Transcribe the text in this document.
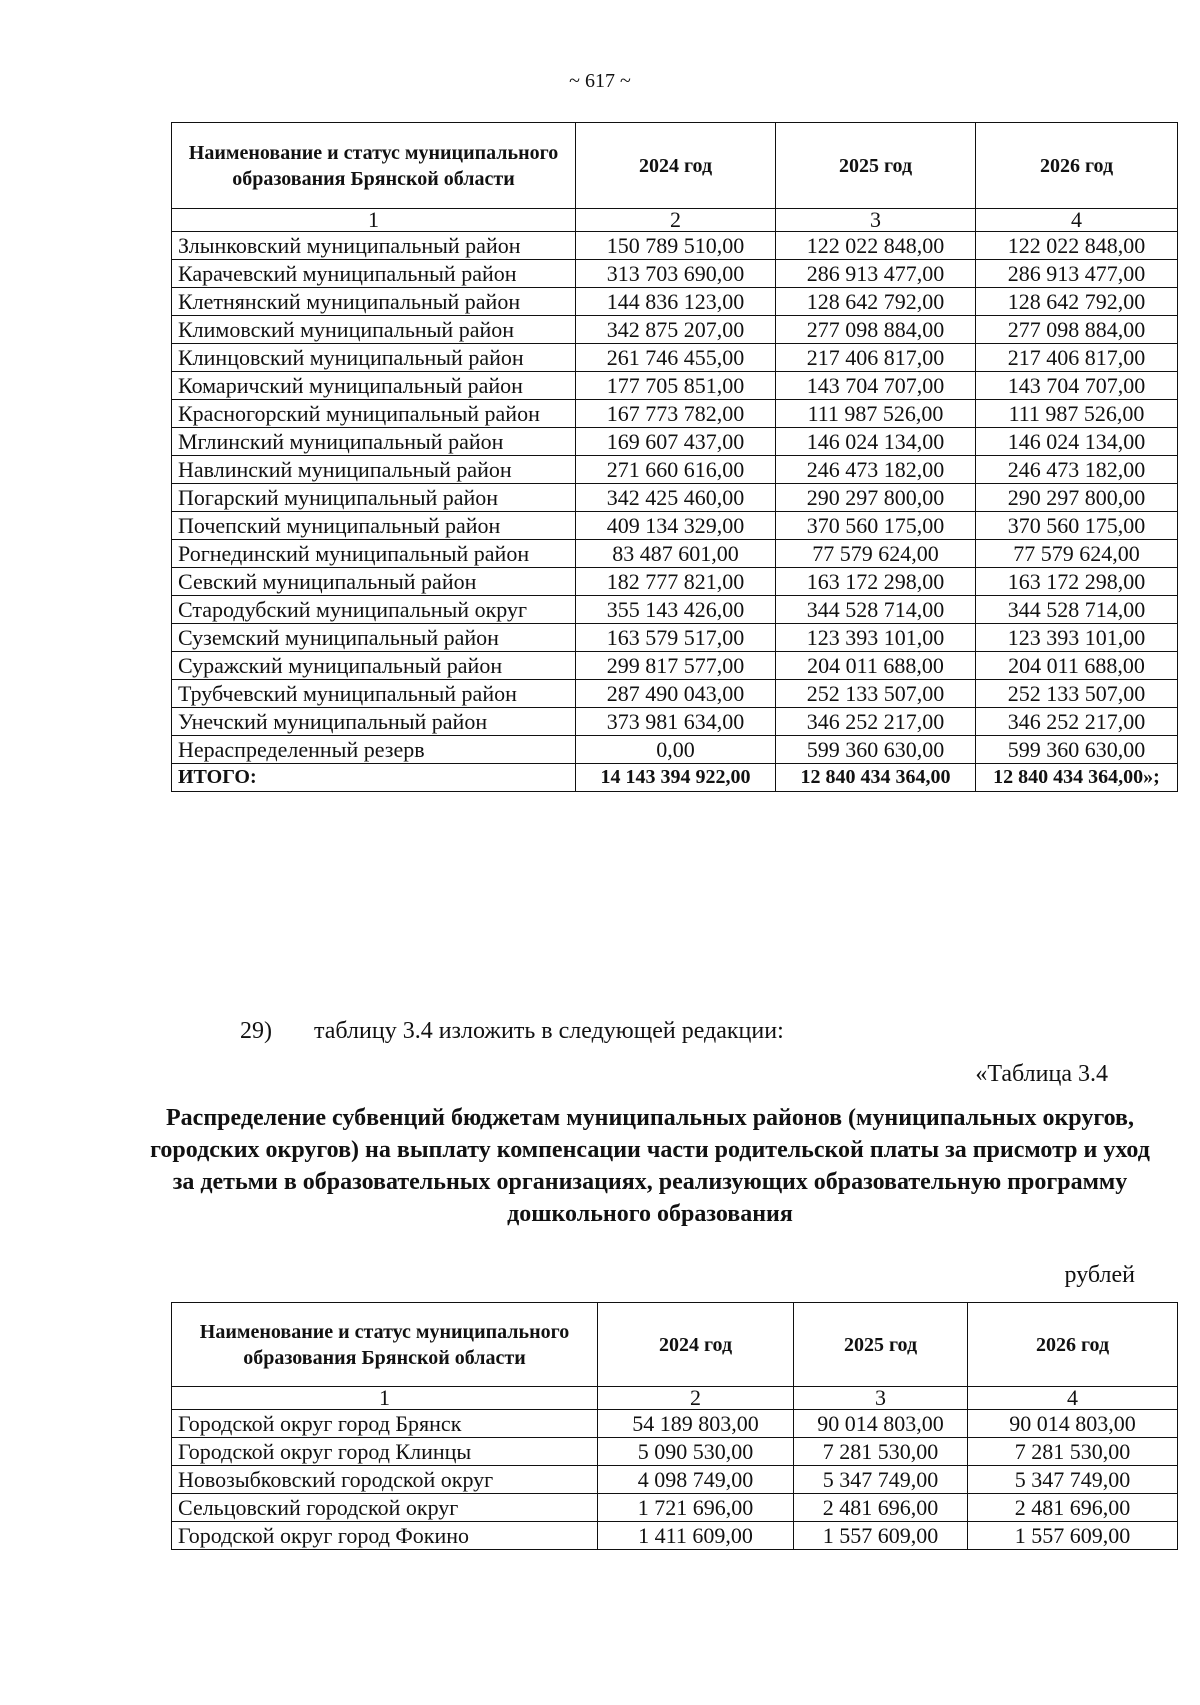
~ 617 ~
Наименование и статус муниципального образования Брянской области	2024 год	2025 год	2026 год
1	2	3	4
Злынковский муниципальный район	150 789 510,00	122 022 848,00	122 022 848,00
Карачевский муниципальный район	313 703 690,00	286 913 477,00	286 913 477,00
Клетнянский муниципальный район	144 836 123,00	128 642 792,00	128 642 792,00
Климовский муниципальный район	342 875 207,00	277 098 884,00	277 098 884,00
Клинцовский муниципальный район	261 746 455,00	217 406 817,00	217 406 817,00
Комаричский муниципальный район	177 705 851,00	143 704 707,00	143 704 707,00
Красногорский муниципальный район	167 773 782,00	111 987 526,00	111 987 526,00
Мглинский муниципальный район	169 607 437,00	146 024 134,00	146 024 134,00
Навлинский муниципальный район	271 660 616,00	246 473 182,00	246 473 182,00
Погарский муниципальный район	342 425 460,00	290 297 800,00	290 297 800,00
Почепский муниципальный район	409 134 329,00	370 560 175,00	370 560 175,00
Рогнединский муниципальный район	83 487 601,00	77 579 624,00	77 579 624,00
Севский муниципальный район	182 777 821,00	163 172 298,00	163 172 298,00
Стародубский муниципальный округ	355 143 426,00	344 528 714,00	344 528 714,00
Суземский муниципальный район	163 579 517,00	123 393 101,00	123 393 101,00
Суражский муниципальный район	299 817 577,00	204 011 688,00	204 011 688,00
Трубчевский муниципальный район	287 490 043,00	252 133 507,00	252 133 507,00
Унечский муниципальный район	373 981 634,00	346 252 217,00	346 252 217,00
Нераспределенный резерв	0,00	599 360 630,00	599 360 630,00
ИТОГО:	14 143 394 922,00	12 840 434 364,00	12 840 434 364,00»;
29) таблицу 3.4 изложить в следующей редакции:
«Таблица 3.4
Распределение субвенций бюджетам муниципальных районов (муниципальных округов, городских округов) на выплату компенсации части родительской платы за присмотр и уход за детьми в образовательных организациях, реализующих образовательную программу дошкольного образования
рублей
Наименование и статус муниципального образования Брянской области	2024 год	2025 год	2026 год
1	2	3	4
Городской округ город Брянск	54 189 803,00	90 014 803,00	90 014 803,00
Городской округ город Клинцы	5 090 530,00	7 281 530,00	7 281 530,00
Новозыбковский городской округ	4 098 749,00	5 347 749,00	5 347 749,00
Сельцовский городской округ	1 721 696,00	2 481 696,00	2 481 696,00
Городской округ город Фокино	1 411 609,00	1 557 609,00	1 557 609,00
